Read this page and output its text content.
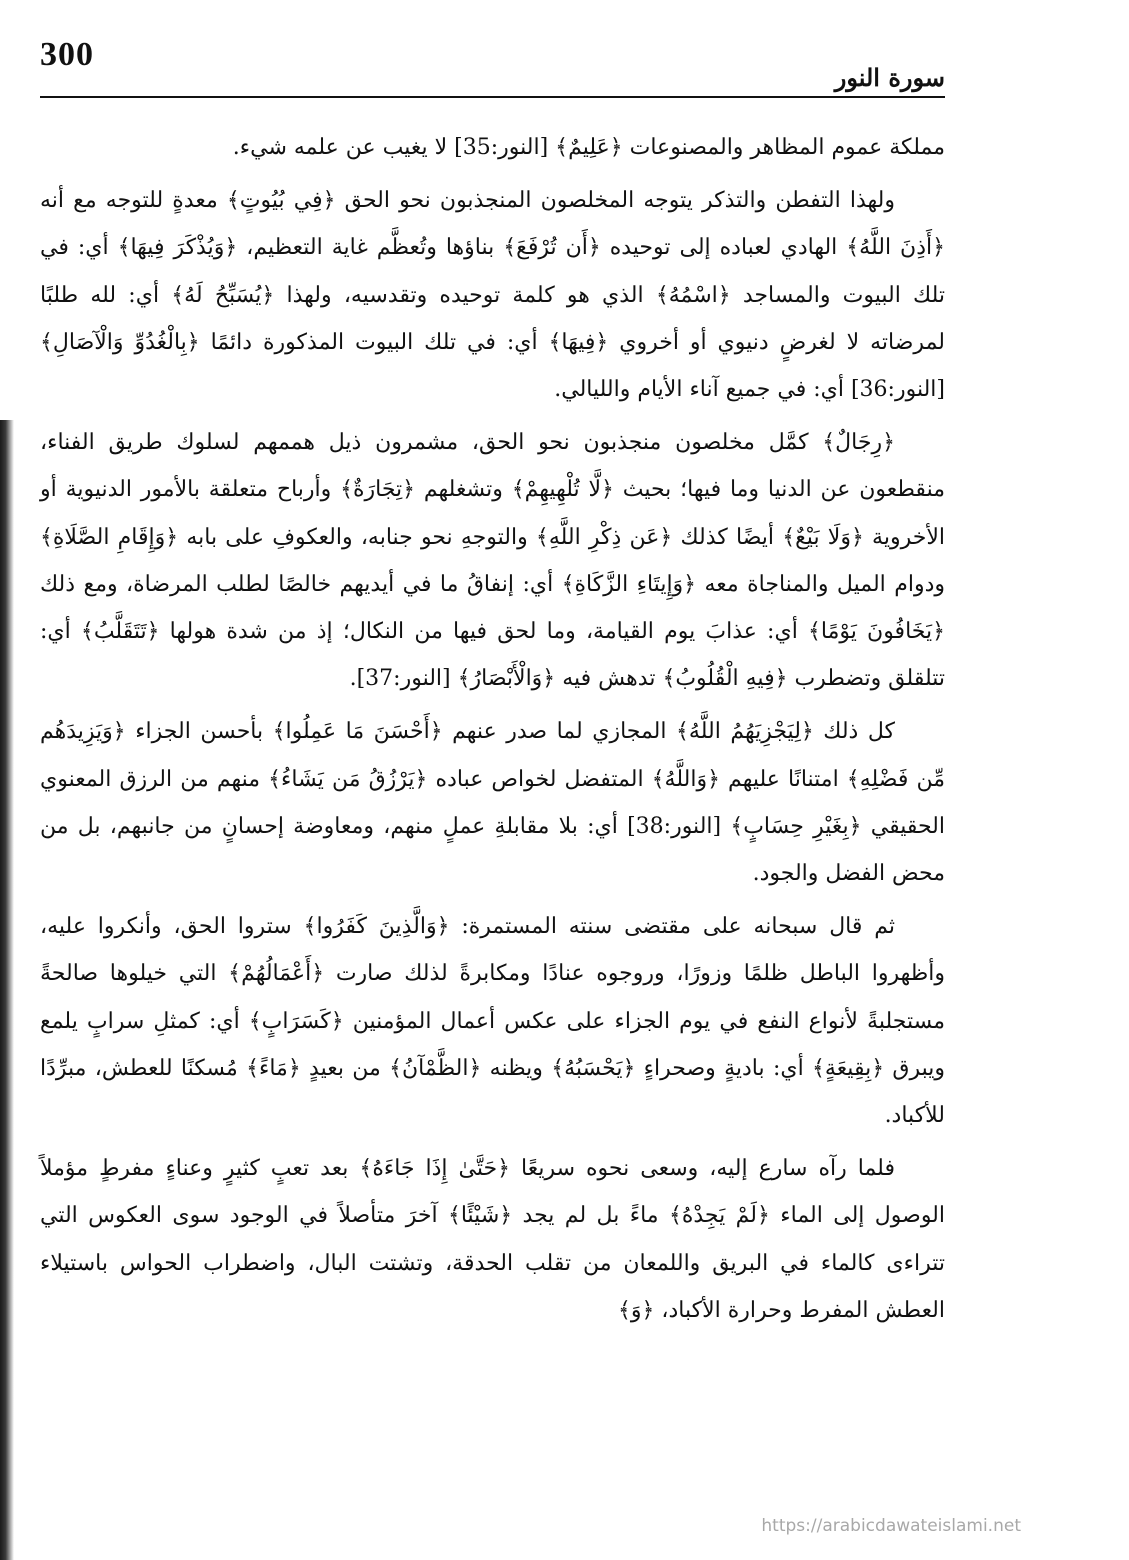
300
سورة النور

مملكة عموم المظاهر والمصنوعات ﴿عَلِيمٌ﴾ [النور:35] لا يغيب عن علمه شيء.

ولهذا التفطن والتذكر يتوجه المخلصون المنجذبون نحو الحق ﴿فِي بُيُوتٍ﴾ معدةٍ للتوجه مع أنه ﴿أَذِنَ اللَّهُ﴾ الهادي لعباده إلى توحيده ﴿أَن تُرْفَعَ﴾ بناؤها وتُعظَّم غاية التعظيم، ﴿وَيُذْكَرَ فِيهَا﴾ أي: في تلك البيوت والمساجد ﴿اسْمُهُ﴾ الذي هو كلمة توحيده وتقدسيه، ولهذا ﴿يُسَبِّحُ لَهُ﴾ أي: لله طلبًا لمرضاته لا لغرضٍ دنيوي أو أخروي ﴿فِيهَا﴾ أي: في تلك البيوت المذكورة دائمًا ﴿بِالْغُدُوِّ وَالْآصَالِ﴾ [النور:36] أي: في جميع آناء الأيام والليالي.

﴿رِجَالٌ﴾ كمَّل مخلصون منجذبون نحو الحق، مشمرون ذيل هممهم لسلوك طريق الفناء، منقطعون عن الدنيا وما فيها؛ بحيث ﴿لَّا تُلْهِيهِمْ﴾ وتشغلهم ﴿تِجَارَةٌ﴾ وأرباح متعلقة بالأمور الدنيوية أو الأخروية ﴿وَلَا بَيْعٌ﴾ أيضًا كذلك ﴿عَن ذِكْرِ اللَّهِ﴾ والتوجهِ نحو جنابه، والعكوفِ على بابه ﴿وَإِقَامِ الصَّلَاةِ﴾ ودوام الميل والمناجاة معه ﴿وَإِيتَاءِ الزَّكَاةِ﴾ أي: إنفاقُ ما في أيديهم خالصًا لطلب المرضاة، ومع ذلك ﴿يَخَافُونَ يَوْمًا﴾ أي: عذابَ يوم القيامة، وما لحق فيها من النكال؛ إذ من شدة هولها ﴿تَتَقَلَّبُ﴾ أي: تتلقلق وتضطرب ﴿فِيهِ الْقُلُوبُ﴾ تدهش فيه ﴿وَالْأَبْصَارُ﴾ [النور:37].

كل ذلك ﴿لِيَجْزِيَهُمُ اللَّهُ﴾ المجازي لما صدر عنهم ﴿أَحْسَنَ مَا عَمِلُوا﴾ بأحسن الجزاء ﴿وَيَزِيدَهُم مِّن فَضْلِهِ﴾ امتنانًا عليهم ﴿وَاللَّهُ﴾ المتفضل لخواص عباده ﴿يَرْزُقُ مَن يَشَاءُ﴾ منهم من الرزق المعنوي الحقيقي ﴿بِغَيْرِ حِسَابٍ﴾ [النور:38] أي: بلا مقابلةِ عملٍ منهم، ومعاوضة إحسانٍ من جانبهم، بل من محض الفضل والجود.

ثم قال سبحانه على مقتضى سنته المستمرة: ﴿وَالَّذِينَ كَفَرُوا﴾ ستروا الحق، وأنكروا عليه، وأظهروا الباطل ظلمًا وزورًا، وروجوه عنادًا ومكابرةً لذلك صارت ﴿أَعْمَالُهُمْ﴾ التي خيلوها صالحةً مستجلبةً لأنواع النفع في يوم الجزاء على عكس أعمال المؤمنين ﴿كَسَرَابٍ﴾ أي: كمثلِ سرابٍ يلمع ويبرق ﴿بِقِيعَةٍ﴾ أي: باديةٍ وصحراءٍ ﴿يَحْسَبُهُ﴾ ويظنه ﴿الظَّمْآنُ﴾ من بعيدٍ ﴿مَاءً﴾ مُسكنًا للعطش، مبرِّدًا للأكباد.

فلما رآه سارع إليه، وسعى نحوه سريعًا ﴿حَتَّىٰ إِذَا جَاءَهُ﴾ بعد تعبٍ كثيرٍ وعناءٍ مفرطٍ مؤملاً الوصول إلى الماء ﴿لَمْ يَجِدْهُ﴾ ماءً بل لم يجد ﴿شَيْئًا﴾ آخرَ متأصلاً في الوجود سوى العكوس التي تتراءى كالماء في البريق واللمعان من تقلب الحدقة، وتشتت البال، واضطراب الحواس باستيلاء العطش المفرط وحرارة الأكباد، ﴿وَ﴾

https://arabicdawateislami.net
